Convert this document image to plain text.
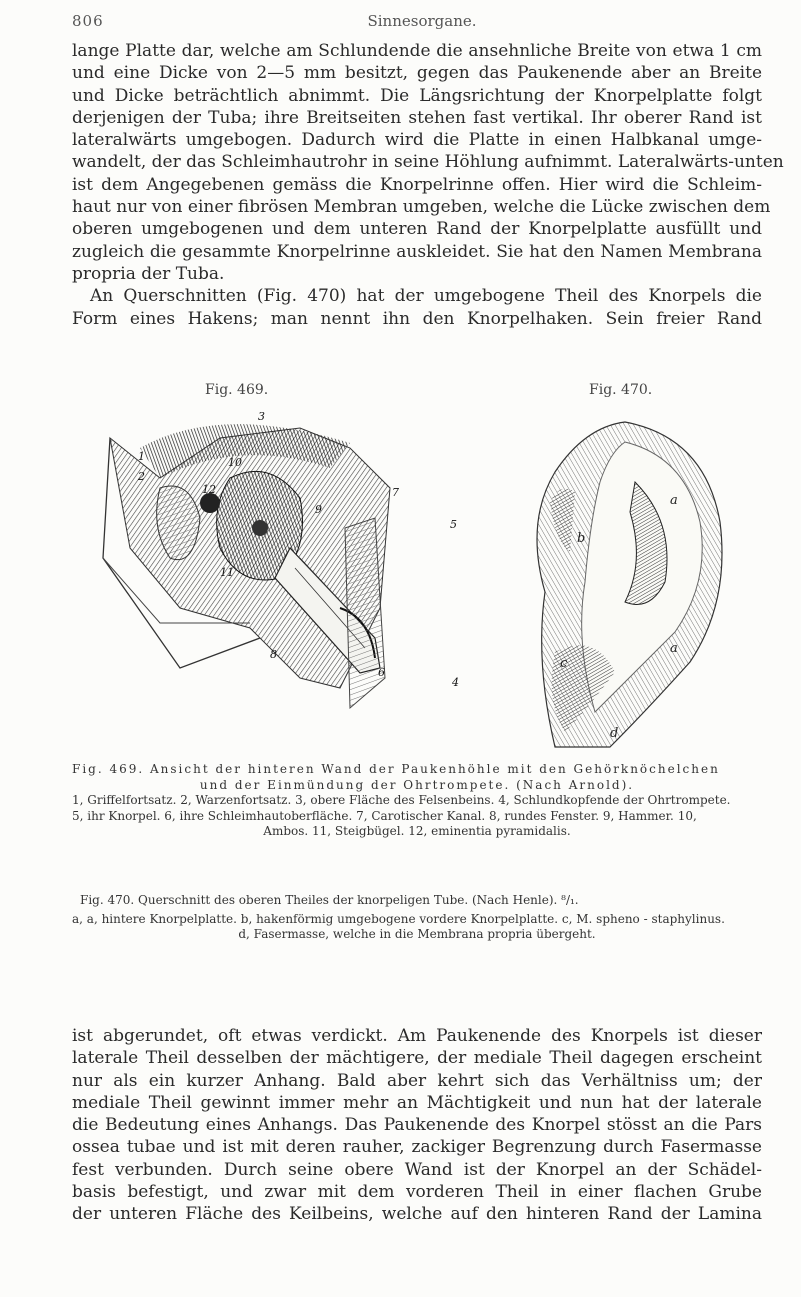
806	Sinnesorgane.
lange Platte dar, welche am Schlundende die ansehnliche Breite von etwa 1 cm
und eine Dicke von 2—5 mm besitzt, gegen das Paukenende aber an Breite
und Dicke beträchtlich abnimmt. Die Längsrichtung der Knorpelplatte folgt
derjenigen der Tuba; ihre Breitseiten stehen fast vertikal. Ihr oberer Rand ist
lateralwärts umgebogen. Dadurch wird die Platte in einen Halbkanal umge-
wandelt, der das Schleimhautrohr in seine Höhlung aufnimmt. Lateralwärts-unten
ist dem Angegebenen gemäss die Knorpelrinne offen. Hier wird die Schleim-
haut nur von einer fibrösen Membran umgeben, welche die Lücke zwischen dem
oberen umgebogenen und dem unteren Rand der Knorpelplatte ausfüllt und
zugleich die gesammte Knorpelrinne auskleidet. Sie hat den Namen Membrana
propria der Tuba.
An Querschnitten (Fig. 470) hat der umgebogene Theil des Knorpels die
Form eines Hakens; man nennt ihn den Knorpelhaken. Sein freier Rand
Fig. 469.	Fig. 470.
3
10
12
1
2
7
5
6
4
8
11
9
a
b
a
c
d
Fig. 469. Ansicht der hinteren Wand der Paukenhöhle mit den Gehörknöchelchen
und der Einmündung der Ohrtrompete. (Nach Arnold).
1, Griffelfortsatz. 2, Warzenfortsatz. 3, obere Fläche des Felsenbeins. 4, Schlundkopfende der Ohrtrompete.
5, ihr Knorpel. 6, ihre Schleimhautoberfläche. 7, Carotischer Kanal. 8, rundes Fenster. 9, Hammer. 10,
Ambos. 11, Steigbügel. 12, eminentia pyramidalis.
Fig. 470. Querschnitt des oberen Theiles der knorpeligen Tube. (Nach Henle). ⁸/₁.
a, a, hintere Knorpelplatte. b, hakenförmig umgebogene vordere Knorpelplatte. c, M. spheno - staphylinus.
d, Fasermasse, welche in die Membrana propria übergeht.
ist abgerundet, oft etwas verdickt. Am Paukenende des Knorpels ist dieser
laterale Theil desselben der mächtigere, der mediale Theil dagegen erscheint
nur als ein kurzer Anhang. Bald aber kehrt sich das Verhältniss um; der
mediale Theil gewinnt immer mehr an Mächtigkeit und nun hat der laterale
die Bedeutung eines Anhangs. Das Paukenende des Knorpel stösst an die Pars
ossea tubae und ist mit deren rauher, zackiger Begrenzung durch Fasermasse
fest verbunden. Durch seine obere Wand ist der Knorpel an der Schädel-
basis befestigt, und zwar mit dem vorderen Theil in einer flachen Grube
der unteren Fläche des Keilbeins, welche auf den hinteren Rand der Lamina
